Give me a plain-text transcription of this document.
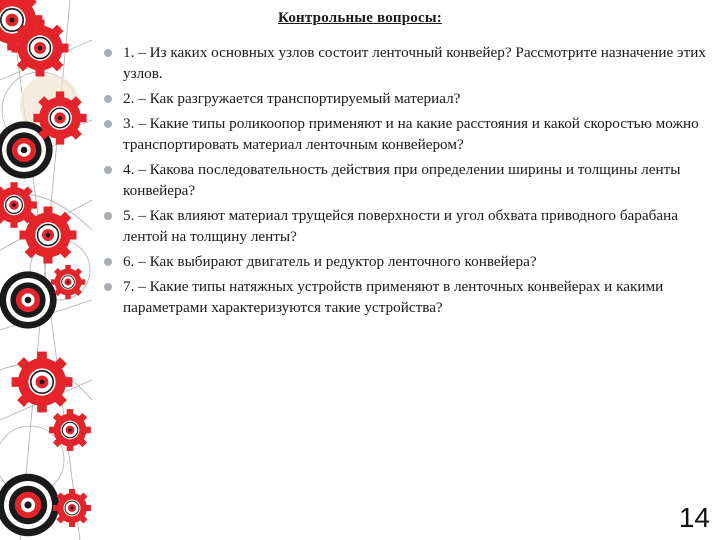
Контрольные вопросы:
1. – Из каких основных узлов состоит ленточный конвейер? Рассмотрите назначение этих узлов.
2. – Как разгружается транспортируемый материал?
3. – Какие типы роликоопор применяют и на какие расстояния и какой скоростью можно транспортировать материал ленточным конвейером?
4. – Какова последовательность действия при определении ширины и толщины ленты конвейера?
5. – Как влияют материал трущейся поверхности и угол обхвата приводного барабана лентой на толщину ленты?
6. – Как выбирают двигатель и редуктор ленточного конвейера?
7. – Какие типы натяжных устройств применяют в ленточных конвейерах и какими параметрами характеризуются такие устройства?
14
